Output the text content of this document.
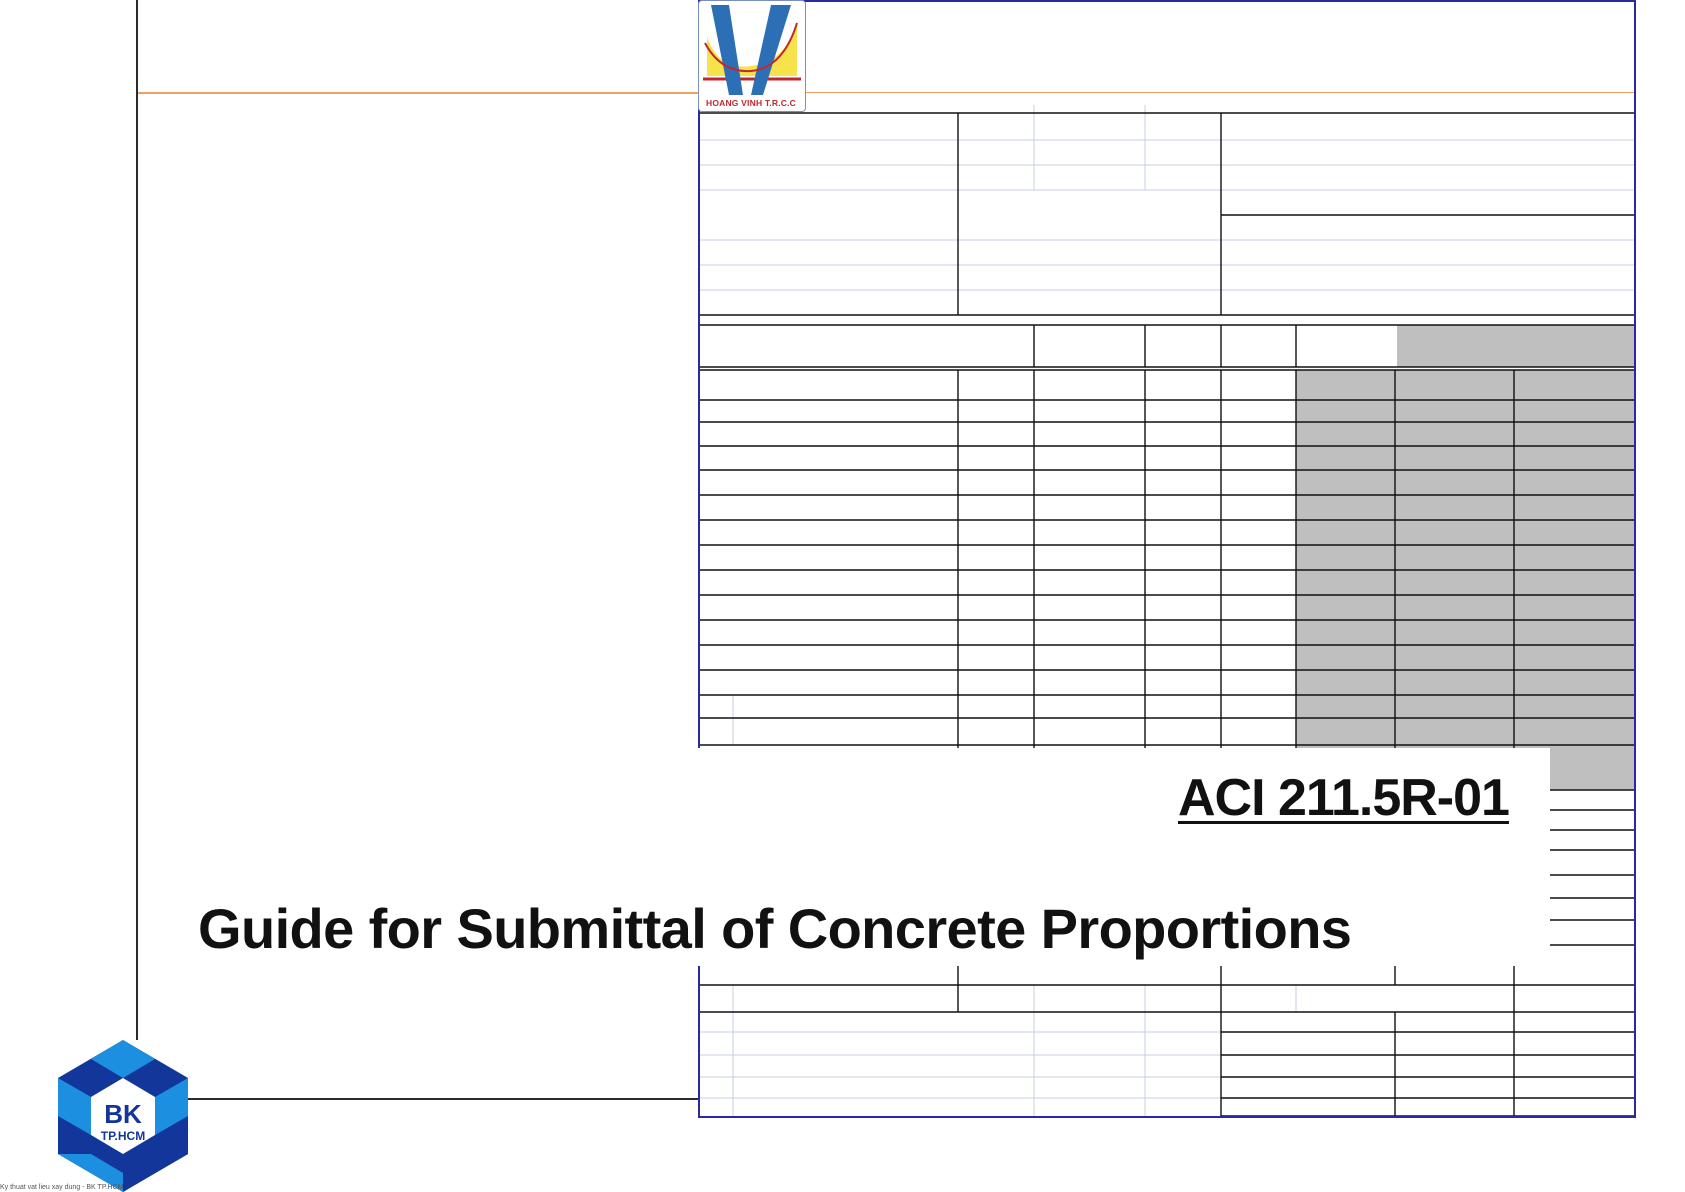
HOANG VINH T.R.C.C
ACI 211.5R-01
Guide for Submittal of Concrete Proportions
BK
TP.HCM
Ky thuat vat lieu xay dung - BK TP.HCM
